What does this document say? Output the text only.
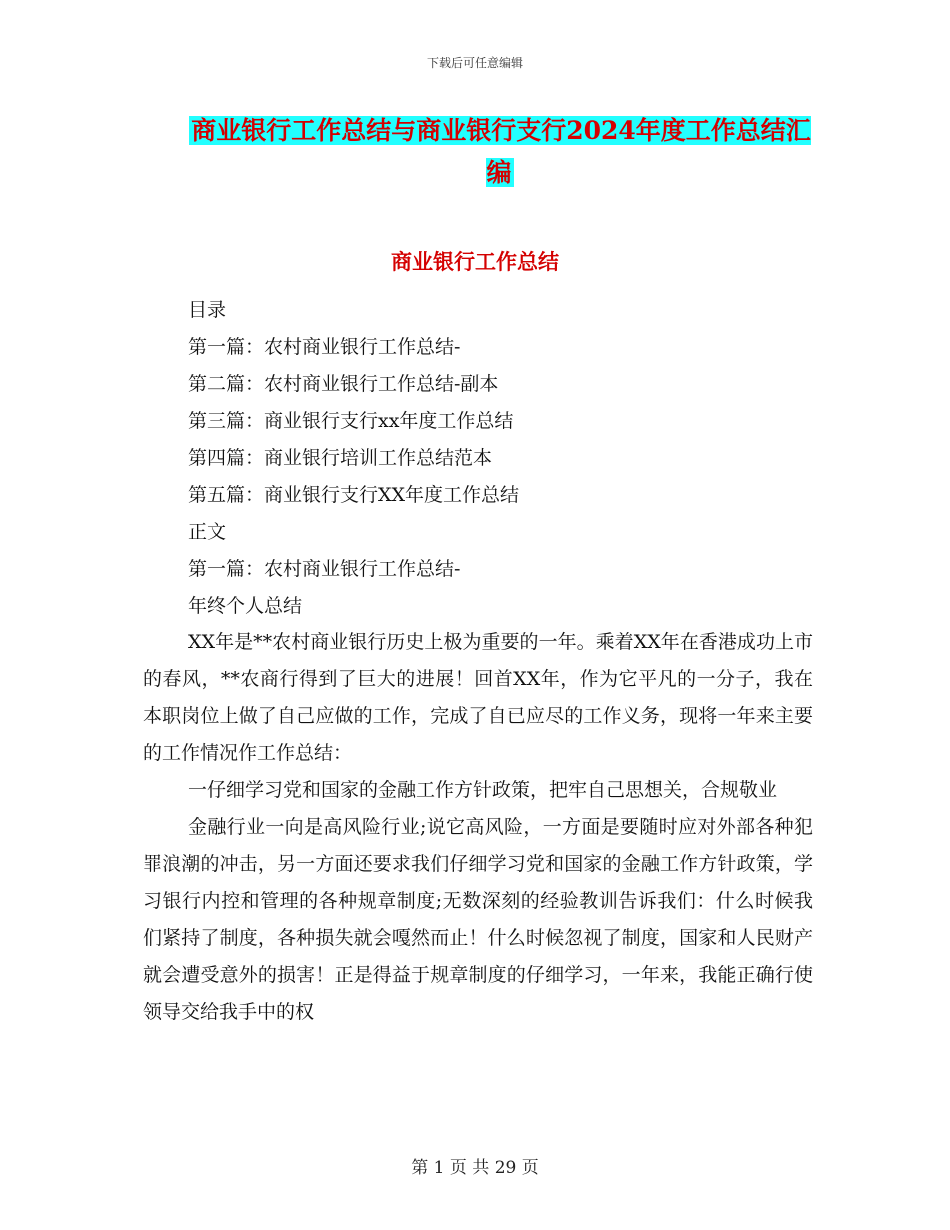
下载后可任意编辑
商业银行工作总结与商业银行支行2024年度工作总结汇编
商业银行工作总结
目录
第一篇：农村商业银行工作总结-
第二篇：农村商业银行工作总结-副本
第三篇：商业银行支行xx年度工作总结
第四篇：商业银行培训工作总结范本
第五篇：商业银行支行XX年度工作总结
正文
第一篇：农村商业银行工作总结-
年终个人总结

XX年是**农村商业银行历史上极为重要的一年。乘着XX年在香港成功上市的春风，**农商行得到了巨大的进展！回首XX年，作为它平凡的一分子，我在本职岗位上做了自己应做的工作，完成了自已应尽的工作义务，现将一年来主要的工作情况作工作总结：

一仔细学习党和国家的金融工作方针政策，把牢自己思想关，合规敬业

金融行业一向是高风险行业;说它高风险，一方面是要随时应对外部各种犯罪浪潮的冲击，另一方面还要求我们仔细学习党和国家的金融工作方针政策，学习银行内控和管理的各种规章制度;无数深刻的经验教训告诉我们：什么时候我们紧持了制度，各种损失就会嘎然而止！什么时候忽视了制度，国家和人民财产就会遭受意外的损害！正是得益于规章制度的仔细学习，一年来，我能正确行使领导交给我手中的权

第 1 页 共 29 页
